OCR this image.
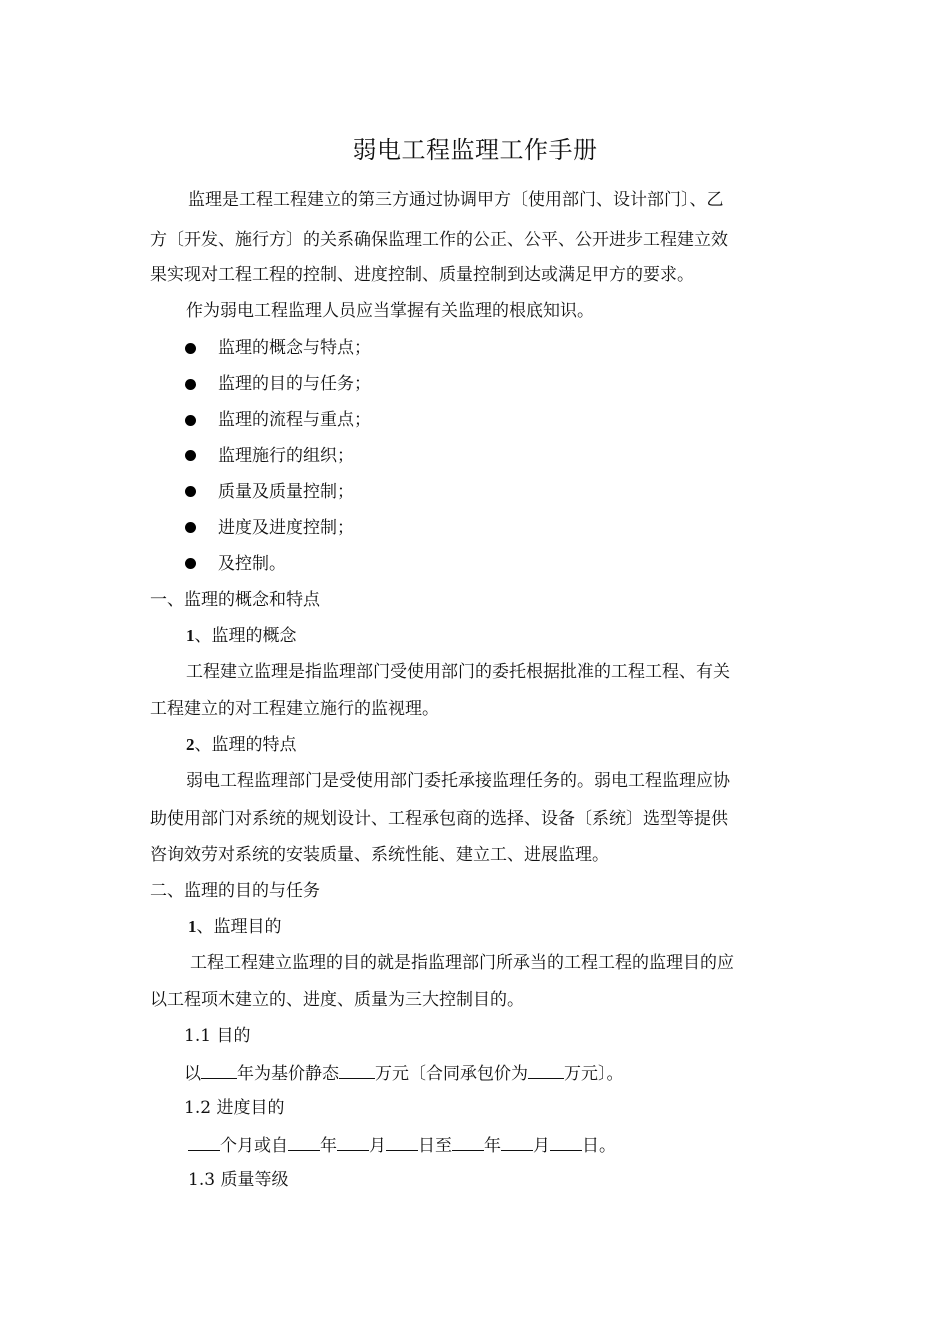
弱电工程监理工作手册
监理是工程工程建立的第三方通过协调甲方〔使用部门、设计部门〕、乙
方〔开发、施行方〕的关系确保监理工作的公正、公平、公开进步工程建立效
果实现对工程工程的控制、进度控制、质量控制到达或满足甲方的要求。
作为弱电工程监理人员应当掌握有关监理的根底知识。
监理的概念与特点；
监理的目的与任务；
监理的流程与重点；
监理施行的组织；
质量及质量控制；
进度及进度控制；
及控制。
一、监理的概念和特点
1、监理的概念
工程建立监理是指监理部门受使用部门的委托根据批准的工程工程、有关
工程建立的对工程建立施行的监视理。
2、监理的特点
弱电工程监理部门是受使用部门委托承接监理任务的。弱电工程监理应协
助使用部门对系统的规划设计、工程承包商的选择、设备〔系统〕选型等提供
咨询效劳对系统的安装质量、系统性能、建立工、进展监理。
二、监理的目的与任务
1、监理目的
工程工程建立监理的目的就是指监理部门所承当的工程工程的监理目的应
以工程项木建立的、进度、质量为三大控制目的。
1.1 目的
以 年为基价静态 万元〔合同承包价为 万元〕。
1.2 进度目的
个月或自 年 月 日至 年 月 日。
1.3 质量等级
